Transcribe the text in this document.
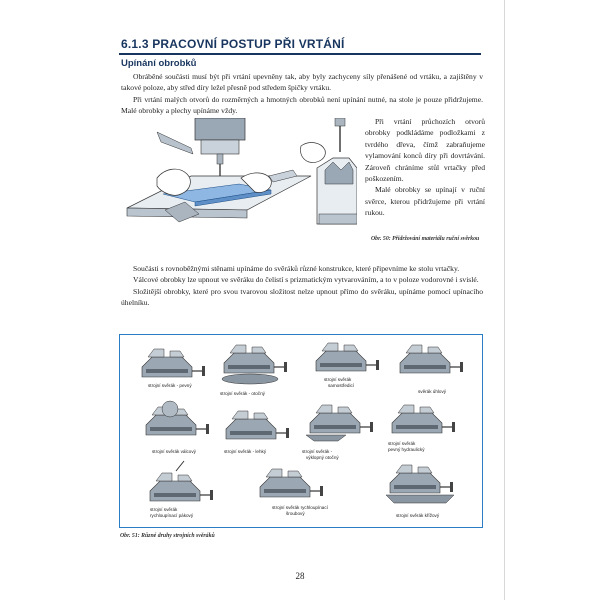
6.1.3 PRACOVNÍ POSTUP PŘI VRTÁNÍ
Upínání obrobků

Obráběné součásti musí být při vrtání upevněny tak, aby byly zachyceny síly přenášené od vrtáku, a zajištěny v takové poloze, aby střed díry ležel přesně pod středem špičky vrtáku.

Při vrtání malých otvorů do rozměrných a hmotných obrobků není upínání nutné, na stole je pouze přidržujeme. Malé obrobky a plechy upínáme vždy.

Při vrtání průchozích otvorů obrobky podkládáme podložkami z tvrdého dřeva, čímž zabraňujeme vylamování konců díry při dovrtávání. Zároveň chráníme stůl vrtačky před poškozením.

Malé obrobky se upínají v ruční svěrce, kterou přidržujeme při vrtání rukou.

Obr. 50: Přidržování materiálu ruční svěrkou

Součásti s rovnoběžnými stěnami upínáme do svěráků různé konstrukce, které připevníme ke stolu vrtačky.

Válcové obrobky lze upnout ve svěráku do čelistí s prizmatickým vytvarováním, a to v poloze vodorovné i svislé.

Složitější obrobky, které pro svou tvarovou složitost nelze upnout přímo do svěráku, upínáme pomocí upínacího úhelníku.

strojní svěrák - pevný
strojní svěrák - otočný
strojní svěrák
samostředicí
svěrák úhlový
strojní svěrák válcový	strojní svěrák - lehký	strojní svěrák -
výklopný otočný
strojní svěrák
pevný hydraulický
strojní svěrák
rychloupínací pákový
strojní svěrák rychloupínací
šroubový	strojní svěrák křížový
Obr. 51: Různé druhy strojních svěráků
28
